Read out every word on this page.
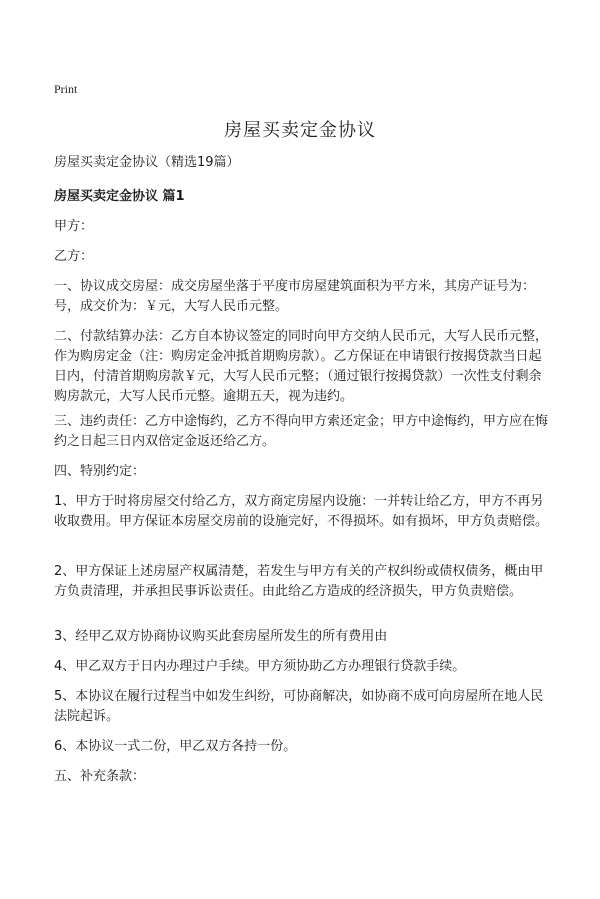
Print
房屋买卖定金协议

房屋买卖定金协议（精选19篇）

房屋买卖定金协议 篇1

甲方：

乙方：

一、协议成交房屋：成交房屋坐落于平度市房屋建筑面积为平方米，其房产证号为：号，成交价为：￥元，大写人民币元整。

二、付款结算办法：乙方自本协议签定的同时向甲方交纳人民币元，大写人民币元整，作为购房定金（注：购房定金冲抵首期购房款）。乙方保证在申请银行按揭贷款当日起日内，付清首期购房款￥元，大写人民币元整；（通过银行按揭贷款）一次性支付剩余购房款元，大写人民币元整。逾期五天，视为违约。

三、违约责任：乙方中途悔约，乙方不得向甲方索还定金；甲方中途悔约，甲方应在悔约之日起三日内双倍定金返还给乙方。

四、特别约定：

1、甲方于时将房屋交付给乙方，双方商定房屋内设施：一并转让给乙方，甲方不再另收取费用。甲方保证本房屋交房前的设施完好，不得损坏。如有损坏，甲方负责赔偿。

2、甲方保证上述房屋产权属清楚，若发生与甲方有关的产权纠纷或债权债务，概由甲方负责清理，并承担民事诉讼责任。由此给乙方造成的经济损失，甲方负责赔偿。

3、经甲乙双方协商协议购买此套房屋所发生的所有费用由

4、甲乙双方于日内办理过户手续。甲方须协助乙方办理银行贷款手续。

5、本协议在履行过程当中如发生纠纷，可协商解决，如协商不成可向房屋所在地人民法院起诉。

6、本协议一式二份，甲乙双方各持一份。

五、补充条款：
